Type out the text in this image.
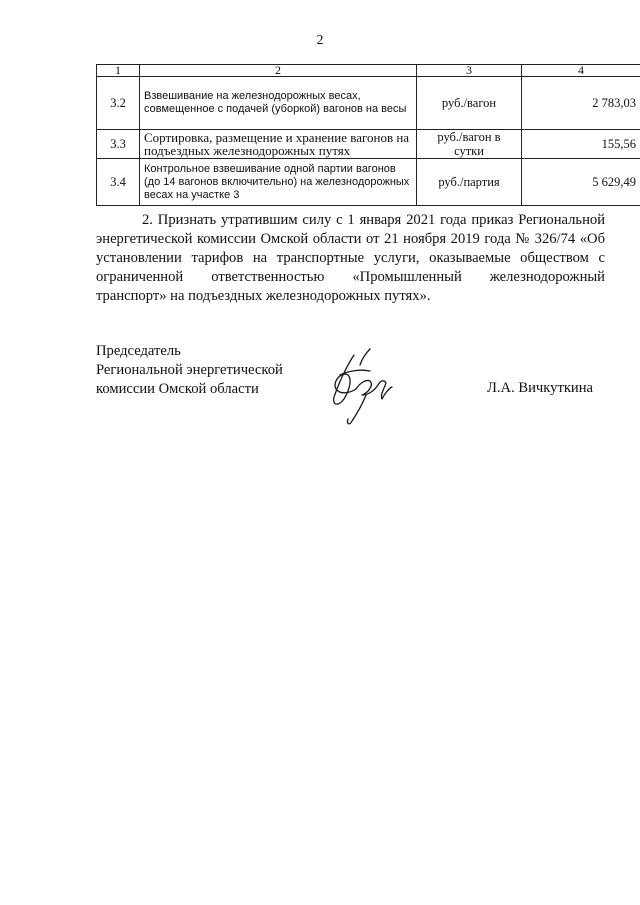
2
1	2	3	4
3.2	Взвешивание на железнодорожных весах, совмещенное с подачей (уборкой) вагонов на весы	руб./вагон	2 783,03
3.3	Сортировка, размещение и хранение вагонов на подъездных железнодорожных путях	руб./вагон в сутки	155,56
3.4	Контрольное взвешивание одной партии вагонов (до 14 вагонов включительно) на железнодорожных весах на участке 3	руб./партия	5 629,49

2. Признать утратившим силу с 1 января 2021 года приказ Региональной энергетической комиссии Омской области от 21 ноября 2019 года № 326/74 «Об установлении тарифов на транспортные услуги, оказываемые обществом с ограниченной ответственностью «Промышленный железнодорожный транспорт» на подъездных железнодорожных путях».

Председатель
Региональной энергетической
комиссии Омской области	Л.А. Вичкуткина
